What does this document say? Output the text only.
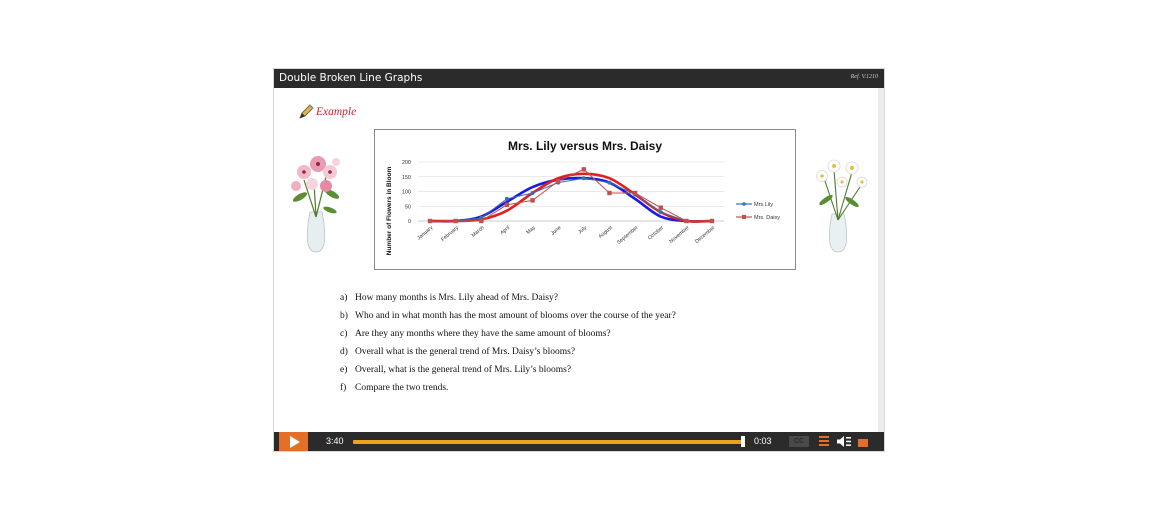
Double Broken Line Graphs	Ref. V.1210
Example
Mrs. Lily versus Mrs. Daisy
Number of Flowers in Bloom	0
50
100
150
200
January February March	April	May	June	July August September October November December
Mrs.Lily
Mrs. Daisy
a) How many months is Mrs. Lily ahead of Mrs. Daisy?
b) Who and in what month has the most amount of blooms over the course of the year?
c) Are they any months where they have the same amount of blooms?
d) Overall what is the general trend of Mrs. Daisy’s blooms?
e) Overall, what is the general trend of Mrs. Lily’s blooms?
f) Compare the two trends.
3:40	0:03	CC
